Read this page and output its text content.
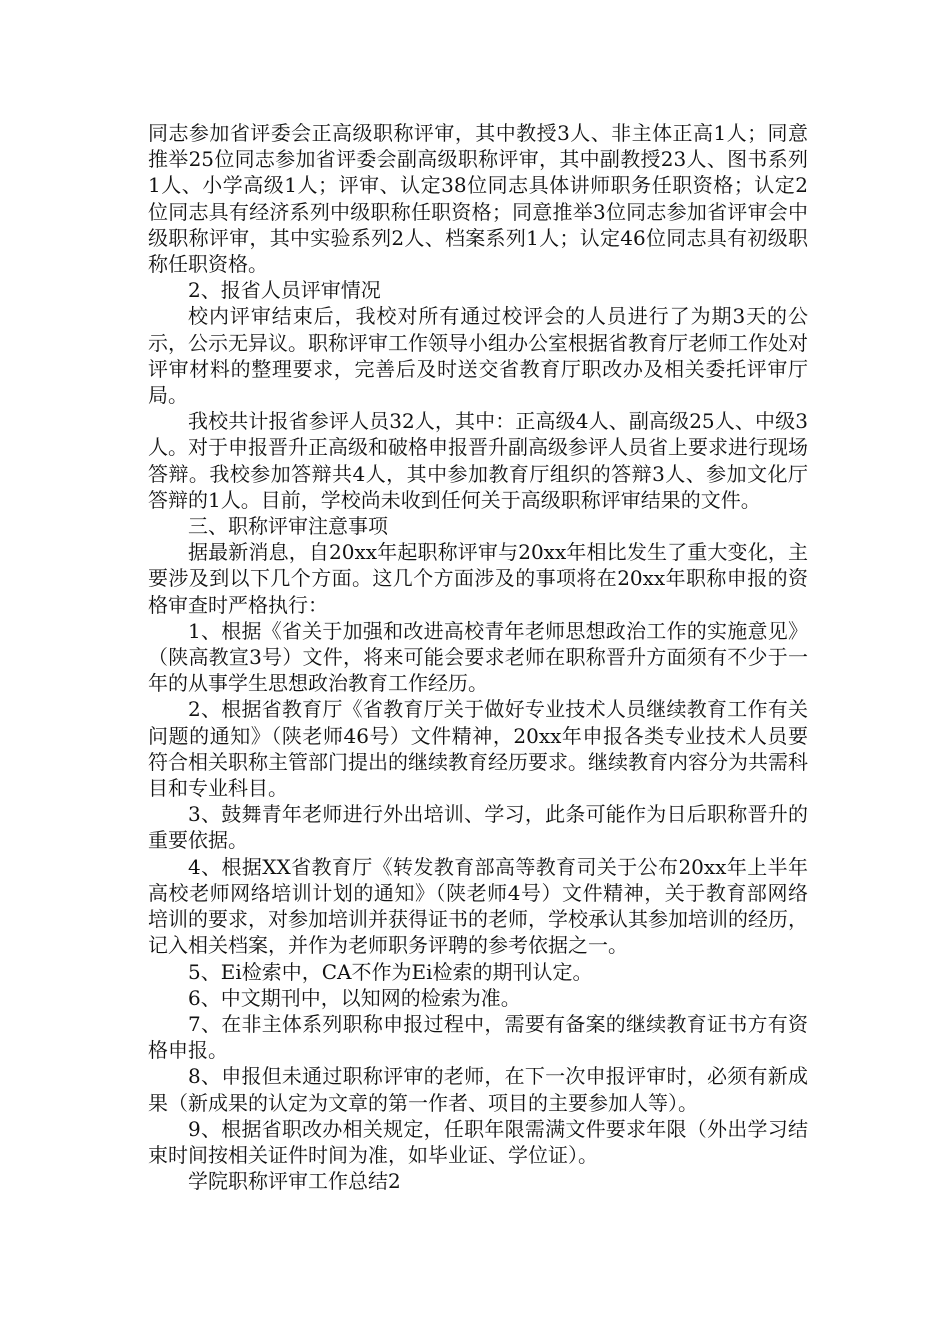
同志参加省评委会正高级职称评审，其中教授3人、非主体正高1人；同意推举25位同志参加省评委会副高级职称评审，其中副教授23人、图书系列1人、小学高级1人；评审、认定38位同志具体讲师职务任职资格；认定2位同志具有经济系列中级职称任职资格；同意推举3位同志参加省评审会中级职称评审，其中实验系列2人、档案系列1人；认定46位同志具有初级职称任职资格。

2、报省人员评审情况

校内评审结束后，我校对所有通过校评会的人员进行了为期3天的公示，公示无异议。职称评审工作领导小组办公室根据省教育厅老师工作处对评审材料的整理要求，完善后及时送交省教育厅职改办及相关委托评审厅局。

我校共计报省参评人员32人，其中：正高级4人、副高级25人、中级3人。对于申报晋升正高级和破格申报晋升副高级参评人员省上要求进行现场答辩。我校参加答辩共4人，其中参加教育厅组织的答辩3人、参加文化厅答辩的1人。目前，学校尚未收到任何关于高级职称评审结果的文件。

三、职称评审注意事项

据最新消息，自20xx年起职称评审与20xx年相比发生了重大变化，主要涉及到以下几个方面。这几个方面涉及的事项将在20xx年职称申报的资格审查时严格执行：

1、根据《省关于加强和改进高校青年老师思想政治工作的实施意见》（陕高教宣3号）文件，将来可能会要求老师在职称晋升方面须有不少于一年的从事学生思想政治教育工作经历。

2、根据省教育厅《省教育厅关于做好专业技术人员继续教育工作有关问题的通知》（陕老师46号）文件精神，20xx年申报各类专业技术人员要符合相关职称主管部门提出的继续教育经历要求。继续教育内容分为共需科目和专业科目。

3、鼓舞青年老师进行外出培训、学习，此条可能作为日后职称晋升的重要依据。

4、根据XX省教育厅《转发教育部高等教育司关于公布20xx年上半年高校老师网络培训计划的通知》（陕老师4号）文件精神，关于教育部网络培训的要求，对参加培训并获得证书的老师，学校承认其参加培训的经历，记入相关档案，并作为老师职务评聘的参考依据之一。

5、Ei检索中，CA不作为Ei检索的期刊认定。

6、中文期刊中，以知网的检索为准。

7、在非主体系列职称申报过程中，需要有备案的继续教育证书方有资格申报。

8、申报但未通过职称评审的老师，在下一次申报评审时，必须有新成果（新成果的认定为文章的第一作者、项目的主要参加人等）。

9、根据省职改办相关规定，任职年限需满文件要求年限（外出学习结束时间按相关证件时间为准，如毕业证、学位证）。

学院职称评审工作总结2
